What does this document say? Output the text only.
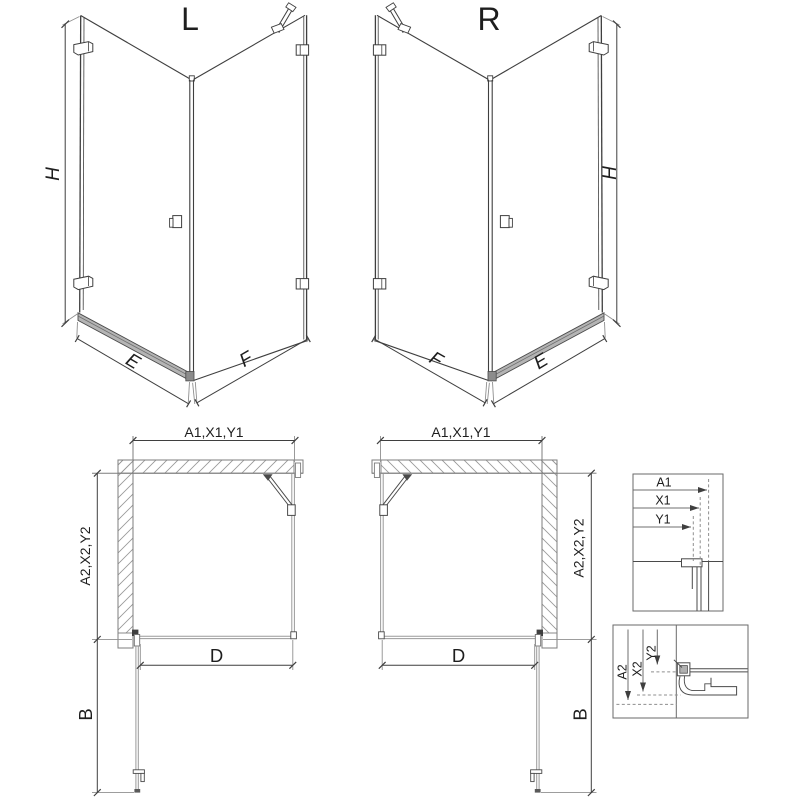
L
H
E	F
R
H
E
F
A1,X1,Y1
A2,X2,Y2
B
D
A1,X1,Y1
A2,X2,Y2
B
D
A1
X1
Y1
A2 X2
Y2
